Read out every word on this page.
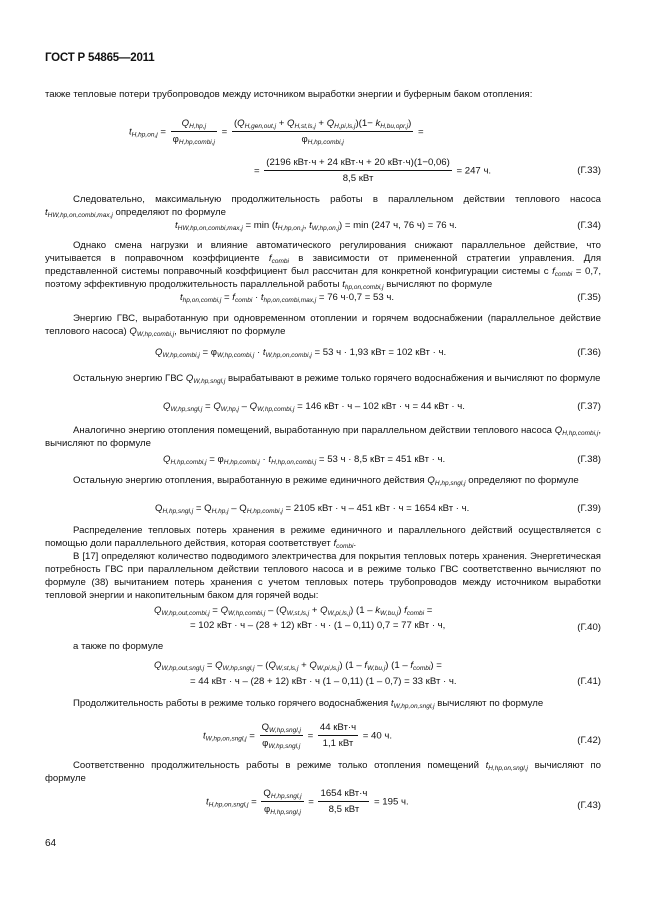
ГОСТ Р 54865—2011
также тепловые потери трубопроводов между источником выработки энергии и буферным баком отопления:
$t_{H,hp,on,j} = \frac{Q_{H,hp,j}}{\varphi_{H,hp,combi,j}} = \frac{(Q_{H,gen,out,j} + Q_{H,st,ls,j} + Q_{H,pi,ls,j})(1- k_{H,bu,opr,j})}{\varphi_{H,hp,combi,j}}$ =
= $\frac{\text{(2196 кВт·ч + 24 кВт·ч + 20 кВт·ч)(1−0,06)}}{\text{8,5 кВт}} = 247$ ч.	(Г.33)
Следовательно, максимальную продолжительность работы в параллельном действии теплового насоса $t_{HW,hp,on,combi,max,j}$ определяют по формуле
$t_{HW,hp,on,combi,max,j} = \min (t_{H,hp,on,j}$, $t_{W,hp,on,j}) = \min (247$ ч, 76 ч) = 76 ч.	(Г.34)
Однако смена нагрузки и влияние автоматического регулирования снижают параллельное действие, что учитывается в поправочном коэффициенте $f_{combi}$ в зависимости от примененной стратегии управления. Для представленной системы поправочный коэффициент был рассчитан для конкретной конфигурации системы с $f_{combi} = 0,7$, поэтому эффективную продолжительность параллельной работы $t_{hp,on,combi,j}$ вычисляют по формуле
$t_{hp,on,combi,j} = f_{combi} \cdot t_{hp,on,combi,max,j} = 76$ ч·0,7 = 53 ч.	(Г.35)
Энергию ГВС, выработанную при одновременном отоплении и горячем водоснабжении (параллельное действие теплового насоса) $Q_{W,hp,combi,j}$, вычисляют по формуле
$Q_{W,hp,combi,j} = \varphi_{W,hp,combi,j} \cdot t_{W,hp,on,combi,j} = 53$ ч · 1,93 кВт = 102 кВт · ч.	(Г.36)
Остальную энергию ГВС $Q_{W,hp,sngl,j}$ вырабатывают в режиме только горячего водоснабжения и вычисляют по формуле
$Q_{W,hp,sngl,j} = Q_{W,hp,j} - Q_{W,hp,combi,j} = 146$ кВт · ч – 102 кВт · ч = 44 кВт · ч.	(Г.37)
Аналогично энергию отопления помещений, выработанную при параллельном действии теплового насоса $Q_{H,hp,combi,j}$, вычисляют по формуле
$Q_{H,hp,combi,j} = \varphi_{H,hp,combi,j} \cdot t_{H,hp,on,combi,j} = 53$ ч · 8,5 кВт = 451 кВт · ч.	(Г.38)
Остальную энергию отопления, выработанную в режиме единичного действия $Q_{H,hp,sngl,j}$ определяют по формуле
$Q_{H,hp,sngl,j} = Q_{H,hp,j} - Q_{H,hp,combi,j} = 2105$ кВт · ч – 451 кВт · ч = 1654 кВт · ч.	(Г.39)
Распределение тепловых потерь хранения в режиме единичного и параллельного действий осуществляется с помощью доли параллельного действия, которая соответствует $f_{combi}$.
В [17] определяют количество подводимого электричества для покрытия тепловых потерь хранения. Энергетическая потребность ГВС при параллельном действии теплового насоса и в режиме только ГВС соответственно вычисляют по формуле (38) вычитанием потерь хранения с учетом тепловых потерь трубопроводов между источником выработки тепловой энергии и накопительным баком для горячей воды:
$Q_{W,hp,out,combi,j} = Q_{W,hp,combi,j} - (Q_{W,st,ls,j} + Q_{W,pi,ls,j})$ $(1 - k_{W,bu,j})$ $f_{combi}$ =
= 102 кВт · ч – (28 + 12) кВт · ч · (1 – 0,11) 0,7 = 77 кВт · ч,	(Г.40)
а также по формуле
$Q_{W,hp,out,sngl,j} = Q_{W,hp,sngl,j} - (Q_{W,st,ls,j} + Q_{W,pi,ls,j})$ $(1 - f_{W,bu,j})$ $(1 - f_{combi})$ =
= 44 кВт · ч – (28 + 12) кВт · ч (1 – 0,11) (1 – 0,7) = 33 кВт · ч.	(Г.41)
Продолжительность работы в режиме только горячего водоснабжения $t_{W,hp,on,sngl,j}$ вычисляют по формуле
$t_{W,hp,on,sngl,j} = \frac{Q_{W,hp,sngl,j}}{\varphi_{W,hp,sngl,j}} = \frac{\text{44 кВт·ч}}{\text{1,1 кВт}} = 40$ ч.	(Г.42)
Соответственно продолжительность работы в режиме только отопления помещений $t_{H,hp,on,sngl,j}$ вычисляют по формуле
$t_{H,hp,on,sngl,j} = \frac{Q_{H,hp,sngl,j}}{\varphi_{H,hp,sngl,j}} = \frac{\text{1654 кВт·ч}}{\text{8,5 кВт}} = 195$ ч.	(Г.43)
64
